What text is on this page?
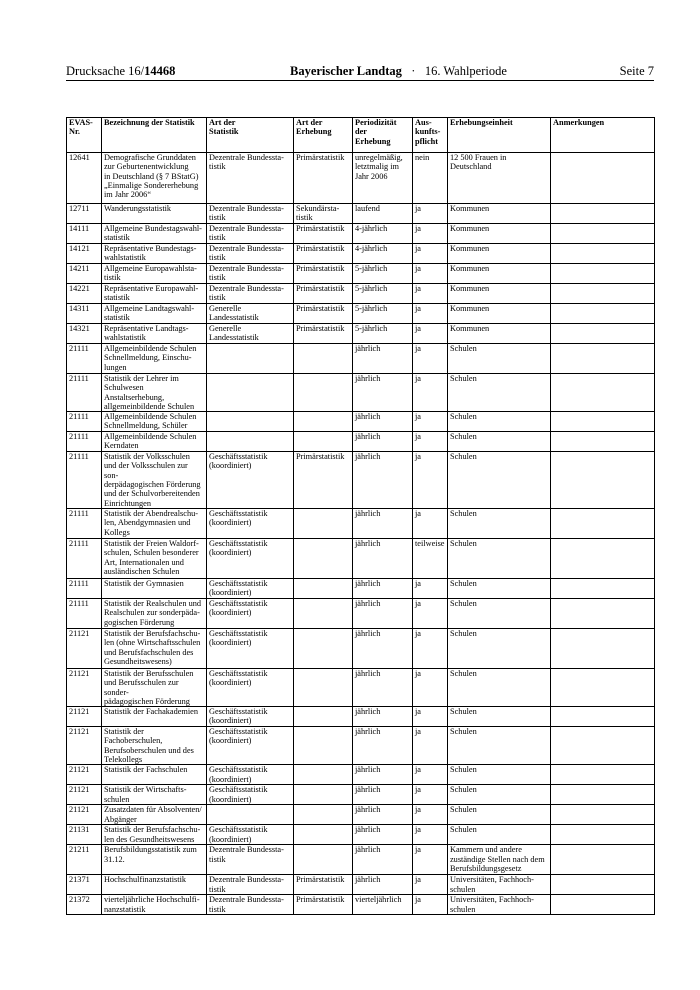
Drucksache 16/14468	Bayerischer Landtag · 16. Wahlperiode	Seite 7
EVAS-Nr.	Bezeichnung der Statistik	Art der
Statistik	Art der
Erhebung	Periodizität der
Erhebung	Aus-
kunfts-
pflicht	Erhebungseinheit	Anmerkungen
12641	Demografische Grunddaten
zur Geburtenentwicklung
in Deutschland (§ 7 BStatG)
„Einmalige Sondererhebung
im Jahr 2006“	Dezentrale Bundessta-
tistik	Primärstatistik	unregelmäßig,
letztmalig im
Jahr 2006	nein	12 500 Frauen in
Deutschland	
12711	Wanderungsstatistik	Dezentrale Bundessta-
tistik	Sekundärsta-
tistik	laufend	ja	Kommunen	
14111	Allgemeine Bundestagswahl-
statistik	Dezentrale Bundessta-
tistik	Primärstatistik	4-jährlich	ja	Kommunen	
14121	Repräsentative Bundestags-
wahlstatistik	Dezentrale Bundessta-
tistik	Primärstatistik	4-jährlich	ja	Kommunen	
14211	Allgemeine Europawahlsta-
tistik	Dezentrale Bundessta-
tistik	Primärstatistik	5-jährlich	ja	Kommunen	
14221	Repräsentative Europawahl-
statistik	Dezentrale Bundessta-
tistik	Primärstatistik	5-jährlich	ja	Kommunen	
14311	Allgemeine Landtagswahl-
statistik	Generelle Landesstatistik	Primärstatistik	5-jährlich	ja	Kommunen	
14321	Repräsentative Landtags-
wahlstatistik	Generelle Landesstatistik	Primärstatistik	5-jährlich	ja	Kommunen	
21111	Allgemeinbildende Schulen
Schnellmeldung, Einschu-
lungen			jährlich	ja	Schulen	
21111	Statistik der Lehrer im
Schulwesen Anstaltserhebung,
allgemeinbildende Schulen			jährlich	ja	Schulen	
21111	Allgemeinbildende Schulen
Schnellmeldung, Schüler			jährlich	ja	Schulen	
21111	Allgemeinbildende Schulen
Kerndaten			jährlich	ja	Schulen	
21111	Statistik der Volksschulen
und der Volksschulen zur son-
derpädagogischen Förderung
und der Schulvorbereitenden
Einrichtungen	Geschäftsstatistik
(koordiniert)	Primärstatistik	jährlich	ja	Schulen	
21111	Statistik der Abendrealschu-
len, Abendgymnasien und
Kollegs	Geschäftsstatistik
(koordiniert)		jährlich	ja	Schulen	
21111	Statistik der Freien Waldorf-
schulen, Schulen besonderer
Art, Internationalen und
ausländischen Schulen	Geschäftsstatistik
(koordiniert)		jährlich	teilweise	Schulen	
21111	Statistik der Gymnasien	Geschäftsstatistik
(koordiniert)		jährlich	ja	Schulen	
21111	Statistik der Realschulen und
Realschulen zur sonderpäda-
gogischen Förderung	Geschäftsstatistik
(koordiniert)		jährlich	ja	Schulen	
21121	Statistik der Berufsfachschu-
len (ohne Wirtschaftsschulen
und Berufsfachschulen des
Gesundheitswesens)	Geschäftsstatistik
(koordiniert)		jährlich	ja	Schulen	
21121	Statistik der Berufsschulen
und Berufsschulen zur sonder-
pädagogischen Förderung	Geschäftsstatistik
(koordiniert)		jährlich	ja	Schulen	
21121	Statistik der Fachakademien	Geschäftsstatistik
(koordiniert)		jährlich	ja	Schulen	
21121	Statistik der Fachoberschulen,
Berufsoberschulen und des
Telekollegs	Geschäftsstatistik
(koordiniert)		jährlich	ja	Schulen	
21121	Statistik der Fachschulen	Geschäftsstatistik
(koordiniert)		jährlich	ja	Schulen	
21121	Statistik der Wirtschafts-
schulen	Geschäftsstatistik
(koordiniert)		jährlich	ja	Schulen	
21121	Zusatzdaten für Absolventen/
Abgänger			jährlich	ja	Schulen	
21131	Statistik der Berufsfachschu-
len des Gesundheitswesens	Geschäftsstatistik
(koordiniert)		jährlich	ja	Schulen	
21211	Berufsbildungsstatistik zum
31.12.	Dezentrale Bundessta-
tistik		jährlich	ja	Kammern und andere
zuständige Stellen nach dem
Berufsbildungsgesetz	
21371	Hochschulfinanzstatistik	Dezentrale Bundessta-
tistik	Primärstatistik	jährlich	ja	Universitäten, Fachhoch-
schulen	
21372	vierteljährliche Hochschulfi-
nanzstatistik	Dezentrale Bundessta-
tistik	Primärstatistik	vierteljährlich	ja	Universitäten, Fachhoch-
schulen	
